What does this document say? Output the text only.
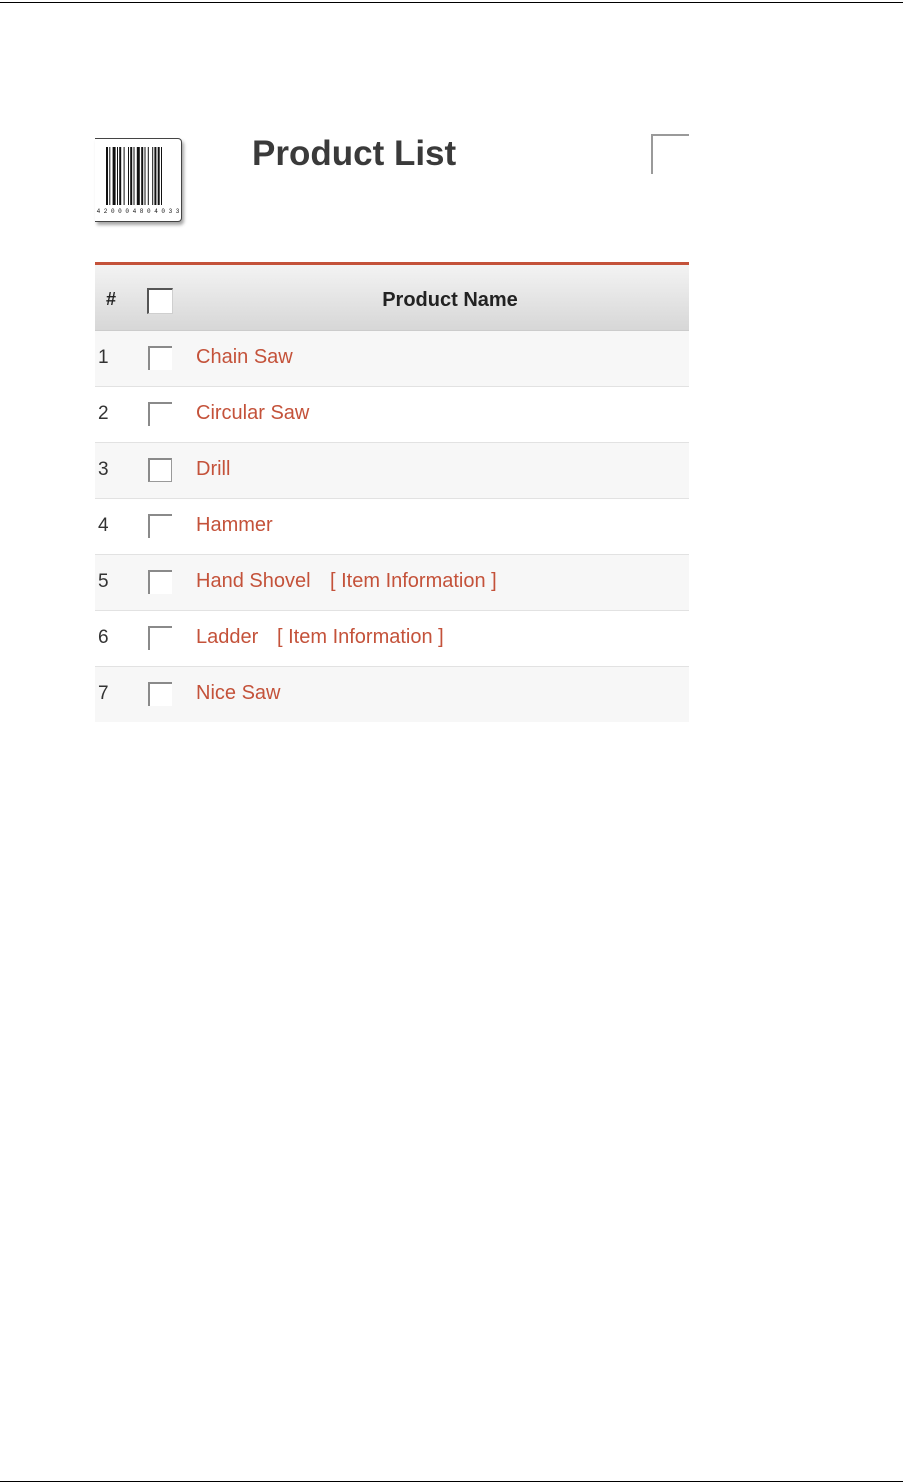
4 2 0 0 0 4 8 0 4 0 3 3
Product List
#	Product Name
1	Chain Saw
2	Circular Saw
3	Drill
4	Hammer
5	Hand Shovel [ Item Information ]
6	Ladder [ Item Information ]
7	Nice Saw
